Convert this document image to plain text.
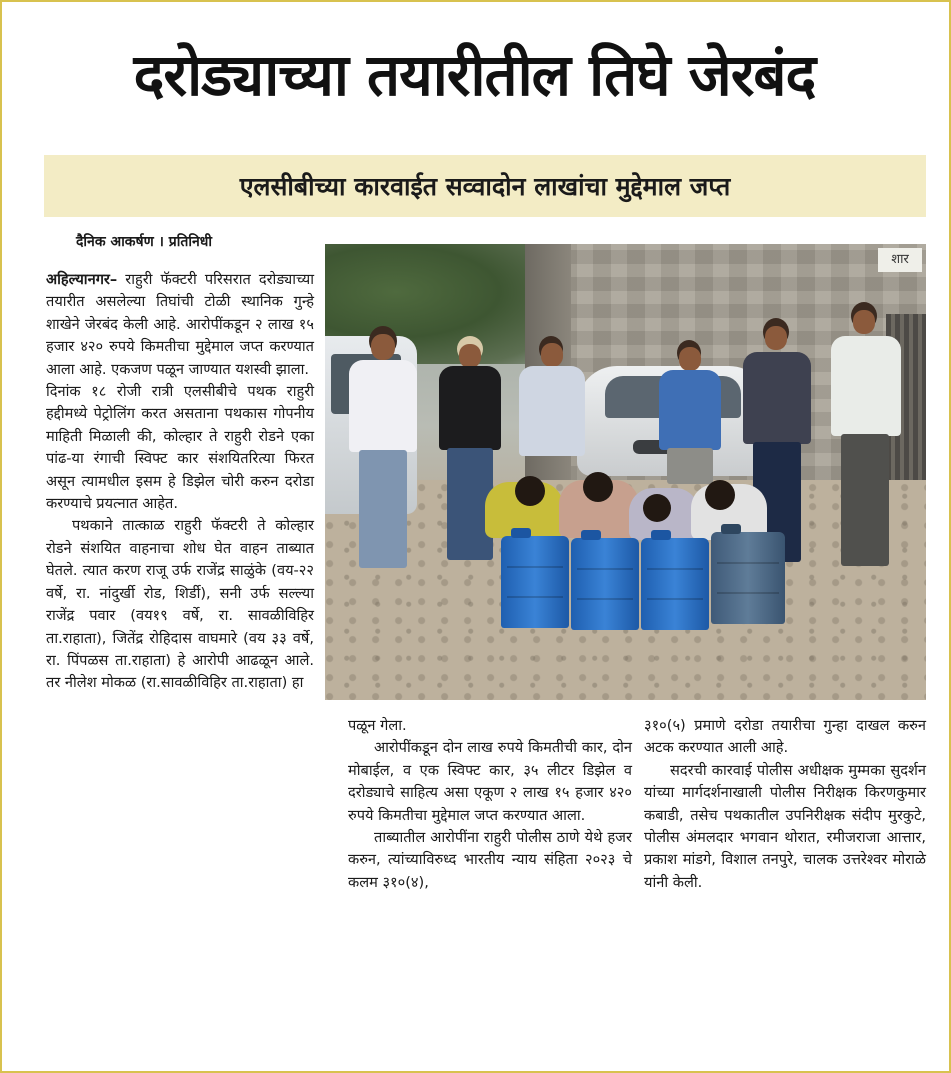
दरोड्याच्या तयारीतील तिघे जेरबंद
एलसीबीच्या कारवाईत सव्वादोन लाखांचा मुद्देमाल जप्त
दैनिक आकर्षण । प्रतिनिधी

अहिल्यानगर– राहुरी फॅक्टरी परिसरात दरोड्याच्या तयारीत असलेल्या तिघांची टोळी स्थानिक गुन्हे शाखेने जेरबंद केली आहे. आरोपींकडून २ लाख १५ हजार ४२० रुपये किमतीचा मुद्देमाल जप्त करण्यात आला आहे. एकजण पळून जाण्यात यशस्वी झाला.

दिनांक १८ रोजी रात्री एलसीबीचे पथक राहुरी हद्दीमध्ये पेट्रोलिंग करत असताना पथकास गोपनीय माहिती मिळाली की, कोल्हार ते राहुरी रोडने एका पांढ-या रंगाची स्विफ्ट कार संशयितरित्या फिरत असून त्यामधील इसम हे डिझेल चोरी करुन दरोडा करण्याचे प्रयत्नात आहेत.

पथकाने तात्काळ राहुरी फॅक्टरी ते कोल्हार रोडने संशयित वाहनाचा शोध घेत वाहन ताब्यात घेतले. त्यात करण राजू उर्फ राजेंद्र साळुंके (वय-२२ वर्षे, रा. नांदुर्खी रोड, शिर्डी), सनी उर्फ सल्ल्या राजेंद्र पवार (वय१९ वर्षे, रा. सावळीविहिर ता.राहाता), जितेंद्र रोहिदास वाघमारे (वय ३३ वर्षे, रा. पिंपळस ता.राहाता) हे आरोपी आढळून आले. तर नीलेश मोकळ (रा.सावळीविहिर ता.राहाता) हा

शार

पळून गेला.

आरोपींकडून दोन लाख रुपये किमतीची कार, दोन मोबाईल, व एक स्विफ्ट कार, ३५ लीटर डिझेल व दरोड्याचे साहित्य असा एकूण २ लाख १५ हजार ४२० रुपये किमतीचा मुद्देमाल जप्त करण्यात आला.

ताब्यातील आरोपींना राहुरी पोलीस ठाणे येथे हजर करुन, त्यांच्याविरुध्द भारतीय न्याय संहिता २०२३ चे कलम ३१०(४),

३१०(५) प्रमाणे दरोडा तयारीचा गुन्हा दाखल करुन अटक करण्यात आली आहे.

सदरची कारवाई पोलीस अधीक्षक मुम्मका सुदर्शन यांच्या मार्गदर्शनाखाली पोलीस निरीक्षक किरणकुमार कबाडी, तसेच पथकातील उपनिरीक्षक संदीप मुरकुटे, पोलीस अंमलदार भगवान थोरात, रमीजराजा आत्तार, प्रकाश मांडगे, विशाल तनपुरे, चालक उत्तरेश्वर मोराळे यांनी केली.
